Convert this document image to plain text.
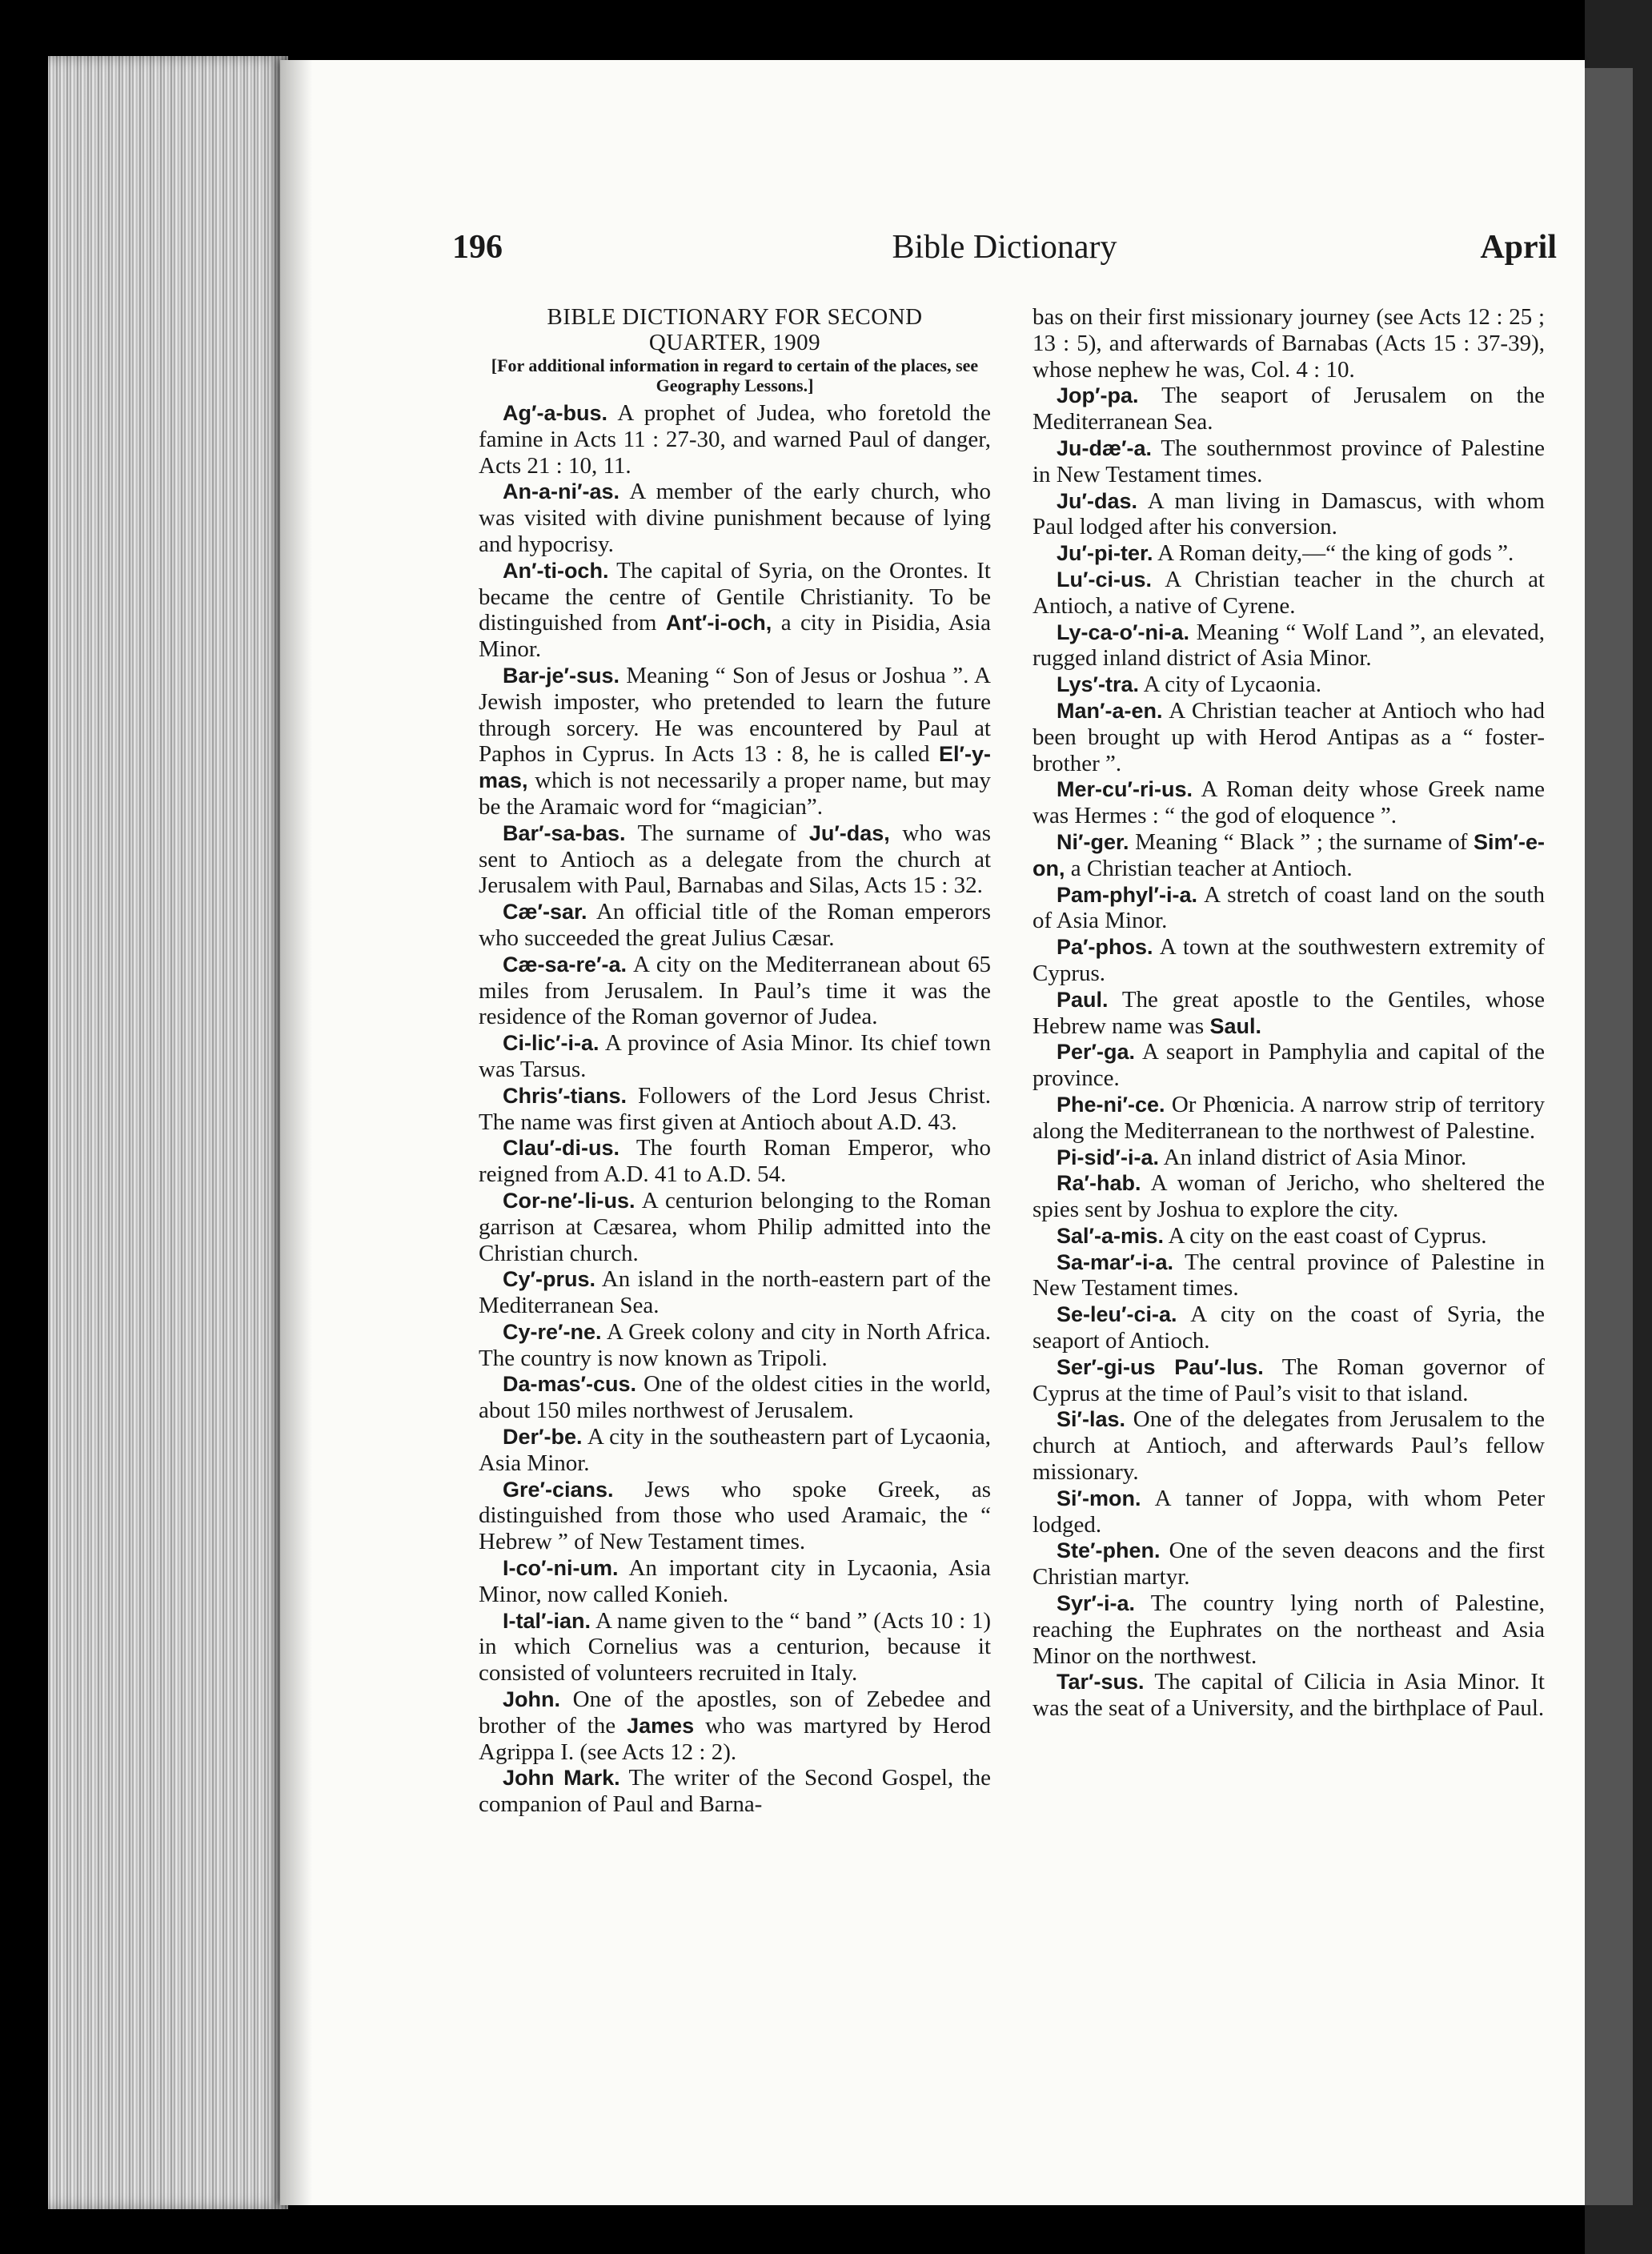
196	Bible Dictionary	April
BIBLE DICTIONARY FOR SECOND
QUARTER, 1909
[For additional information in regard to certain of the places, see Geography Lessons.]

Ag′-a-bus. A prophet of Judea, who foretold the famine in Acts 11 : 27-30, and warned Paul of danger, Acts 21 : 10, 11.

An-a-ni′-as. A member of the early church, who was visited with divine punishment because of lying and hypocrisy.

An′-ti-och. The capital of Syria, on the Orontes. It became the centre of Gentile Christianity. To be distinguished from Ant′-i-och, a city in Pisidia, Asia Minor.

Bar-je′-sus. Meaning “ Son of Jesus or Joshua ”. A Jewish imposter, who pretended to learn the future through sorcery. He was encountered by Paul at Paphos in Cyprus. In Acts 13 : 8, he is called El′-y-mas, which is not necessarily a proper name, but may be the Aramaic word for “magician”.

Bar′-sa-bas. The surname of Ju′-das, who was sent to Antioch as a delegate from the church at Jerusalem with Paul, Barnabas and Silas, Acts 15 : 32.

Cæ′-sar. An official title of the Roman emperors who succeeded the great Julius Cæsar.

Cæ-sa-re′-a. A city on the Mediterranean about 65 miles from Jerusalem. In Paul’s time it was the residence of the Roman governor of Judea.

Ci-lic′-i-a. A province of Asia Minor. Its chief town was Tarsus.

Chris′-tians. Followers of the Lord Jesus Christ. The name was first given at Antioch about A.D. 43.

Clau′-di-us. The fourth Roman Emperor, who reigned from A.D. 41 to A.D. 54.

Cor-ne′-li-us. A centurion belonging to the Roman garrison at Cæsarea, whom Philip admitted into the Christian church.

Cy′-prus. An island in the north-eastern part of the Mediterranean Sea.

Cy-re′-ne. A Greek colony and city in North Africa. The country is now known as Tripoli.

Da-mas′-cus. One of the oldest cities in the world, about 150 miles northwest of Jerusalem.

Der′-be. A city in the southeastern part of Lycaonia, Asia Minor.

Gre′-cians. Jews who spoke Greek, as distinguished from those who used Aramaic, the “ Hebrew ” of New Testament times.

I-co′-ni-um. An important city in Lycaonia, Asia Minor, now called Konieh.

I-tal′-ian. A name given to the “ band ” (Acts 10 : 1) in which Cornelius was a centurion, because it consisted of volunteers recruited in Italy.

John. One of the apostles, son of Zebedee and brother of the James who was martyred by Herod Agrippa I. (see Acts 12 : 2).

John Mark. The writer of the Second Gospel, the companion of Paul and Barna-

bas on their first missionary journey (see Acts 12 : 25 ; 13 : 5), and afterwards of Barnabas (Acts 15 : 37-39), whose nephew he was, Col. 4 : 10.

Jop′-pa. The seaport of Jerusalem on the Mediterranean Sea.

Ju-dæ′-a. The southernmost province of Palestine in New Testament times.

Ju′-das. A man living in Damascus, with whom Paul lodged after his conversion.

Ju′-pi-ter. A Roman deity,—“ the king of gods ”.

Lu′-ci-us. A Christian teacher in the church at Antioch, a native of Cyrene.

Ly-ca-o′-ni-a. Meaning “ Wolf Land ”, an elevated, rugged inland district of Asia Minor.

Lys′-tra. A city of Lycaonia.

Man′-a-en. A Christian teacher at Antioch who had been brought up with Herod Antipas as a “ foster-brother ”.

Mer-cu′-ri-us. A Roman deity whose Greek name was Hermes : “ the god of eloquence ”.

Ni′-ger. Meaning “ Black ” ; the surname of Sim′-e-on, a Christian teacher at Antioch.

Pam-phyl′-i-a. A stretch of coast land on the south of Asia Minor.

Pa′-phos. A town at the southwestern extremity of Cyprus.

Paul. The great apostle to the Gentiles, whose Hebrew name was Saul.

Per′-ga. A seaport in Pamphylia and capital of the province.

Phe-ni′-ce. Or Phœnicia. A narrow strip of territory along the Mediterranean to the northwest of Palestine.

Pi-sid′-i-a. An inland district of Asia Minor.

Ra′-hab. A woman of Jericho, who sheltered the spies sent by Joshua to explore the city.

Sal′-a-mis. A city on the east coast of Cyprus.

Sa-mar′-i-a. The central province of Palestine in New Testament times.

Se-leu′-ci-a. A city on the coast of Syria, the seaport of Antioch.

Ser′-gi-us Pau′-lus. The Roman governor of Cyprus at the time of Paul’s visit to that island.

Si′-las. One of the delegates from Jerusalem to the church at Antioch, and afterwards Paul’s fellow missionary.

Si′-mon. A tanner of Joppa, with whom Peter lodged.

Ste′-phen. One of the seven deacons and the first Christian martyr.

Syr′-i-a. The country lying north of Palestine, reaching the Euphrates on the northeast and Asia Minor on the northwest.

Tar′-sus. The capital of Cilicia in Asia Minor. It was the seat of a University, and the birthplace of Paul.
